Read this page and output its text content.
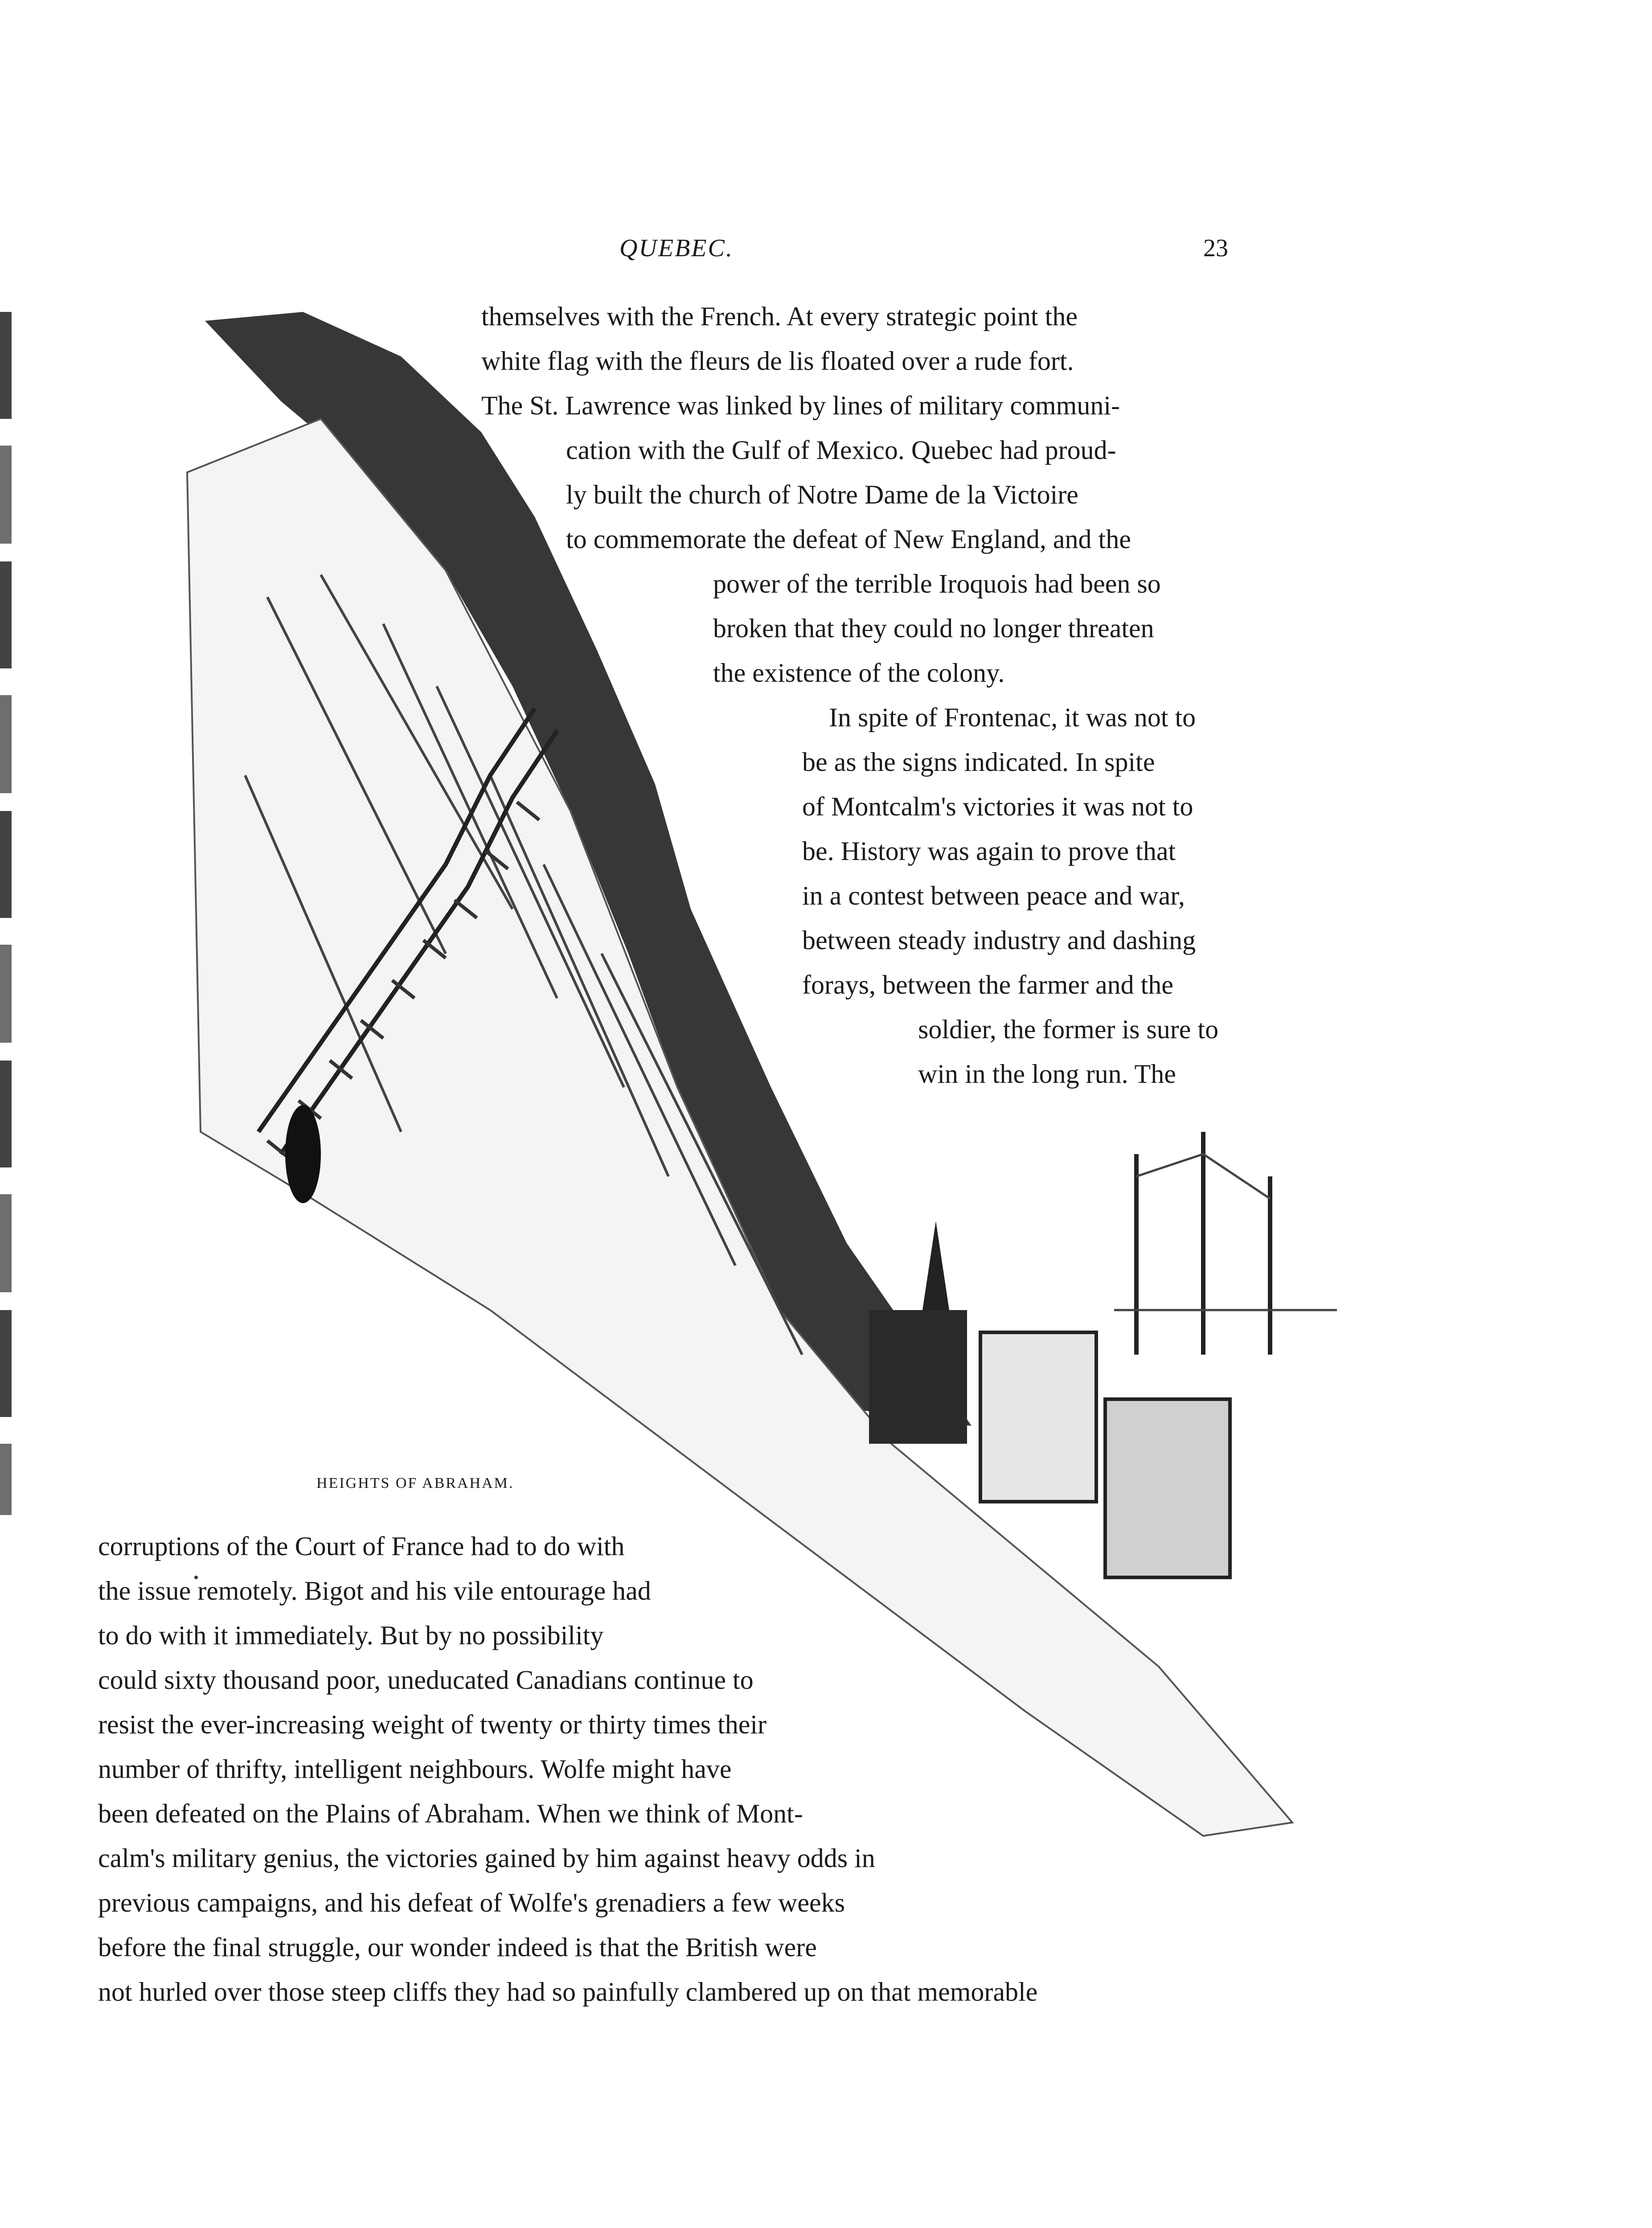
QUEBEC.	23
themselves with the French. At every strategic point the
white flag with the fleurs de lis floated over a rude fort.
The St. Lawrence was linked by lines of military communi-
cation with the Gulf of Mexico. Quebec had proud-
ly built the church of Notre Dame de la Victoire
to commemorate the defeat of New England, and the
power of the terrible Iroquois had been so
broken that they could no longer threaten
the existence of the colony.
In spite of Frontenac, it was not to
be as the signs indicated. In spite
of Montcalm's victories it was not to
be. History was again to prove that
in a contest between peace and war,
between steady industry and dashing
forays, between the farmer and the
soldier, the former is sure to
win in the long run. The
HEIGHTS OF ABRAHAM.
corruptions of the Court of France had to do with
the issue remotely. Bigot and his vile entourage had
to do with it immediately. But by no possibility
could sixty thousand poor, uneducated Canadians continue to
resist the ever-increasing weight of twenty or thirty times their
number of thrifty, intelligent neighbours. Wolfe might have
been defeated on the Plains of Abraham. When we think of Mont-
calm's military genius, the victories gained by him against heavy odds in
previous campaigns, and his defeat of Wolfe's grenadiers a few weeks
before the final struggle, our wonder indeed is that the British were
not hurled over those steep cliffs they had so painfully clambered up on that memorable
